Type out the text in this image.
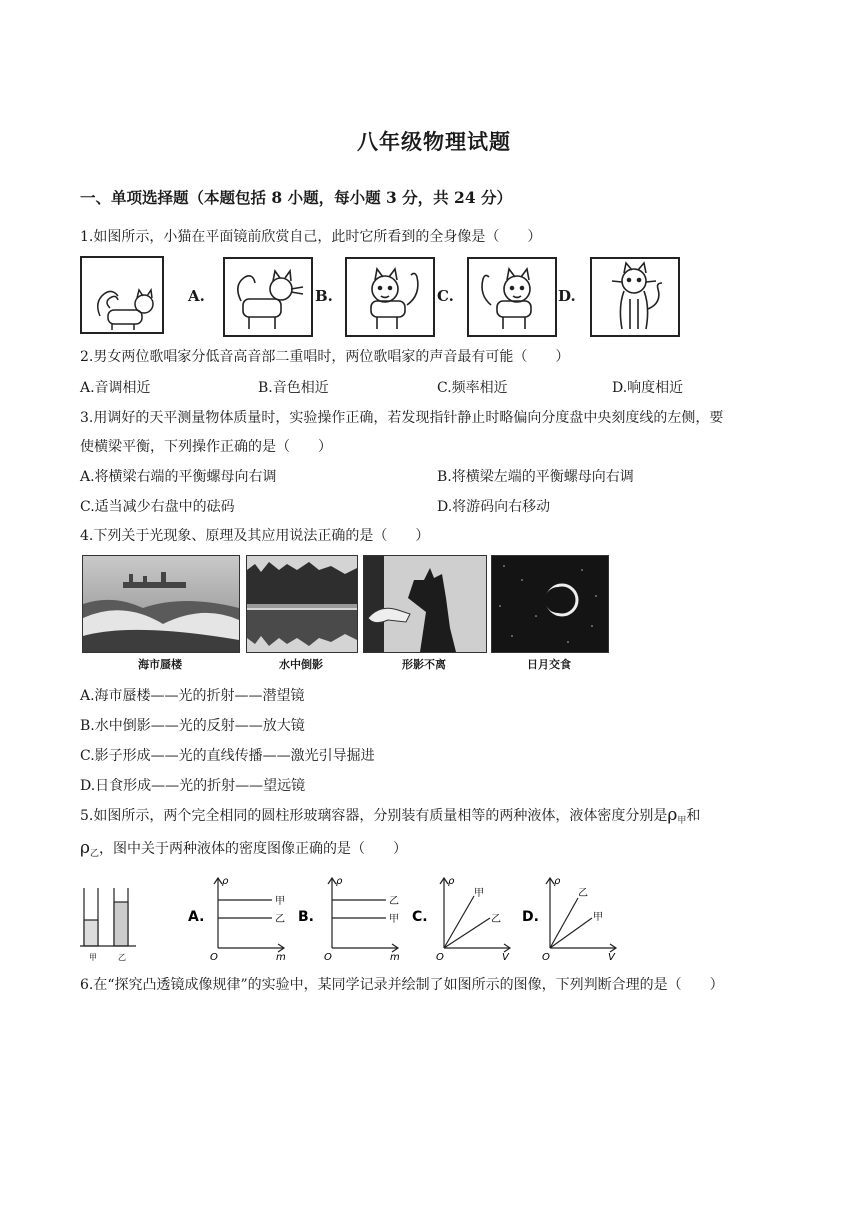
八年级物理试题
一、单项选择题（本题包括 8 小题，每小题 3 分，共 24 分）
1.如图所示，小猫在平面镜前欣赏自己，此时它所看到的全身像是（　　）
A.	B.	C.	D.
2.男女两位歌唱家分低音高音部二重唱时，两位歌唱家的声音最有可能（　　）
A.音调相近	B.音色相近	C.频率相近	D.响度相近
3.用调好的天平测量物体质量时，实验操作正确，若发现指针静止时略偏向分度盘中央刻度线的左侧，要
使横梁平衡，下列操作正确的是（　　）
A.将横梁右端的平衡螺母向右调	B.将横梁左端的平衡螺母向右调
C.适当减少右盘中的砝码	D.将游码向右移动
4.下列关于光现象、原理及其应用说法正确的是（　　）
海市蜃楼	水中倒影	形影不离	日月交食
A.海市蜃楼——光的折射——潜望镜
B.水中倒影——光的反射——放大镜
C.影子形成——光的直线传播——激光引导掘进
D.日食形成——光的折射——望远镜
5.如图所示，两个完全相同的圆柱形玻璃容器，分别装有质量相等的两种液体，液体密度分别是$\rho_甲$和
$\rho_乙$，图中关于两种液体的密度图像正确的是（　　）
甲	乙
A.
ρ
O	m
甲
乙 B.
ρ
O	m
乙
甲 C.
ρ
O	V
甲
乙 D.
ρ
O	V
乙
甲
6.在“探究凸透镜成像规律”的实验中，某同学记录并绘制了如图所示的图像，下列判断合理的是（　　）
